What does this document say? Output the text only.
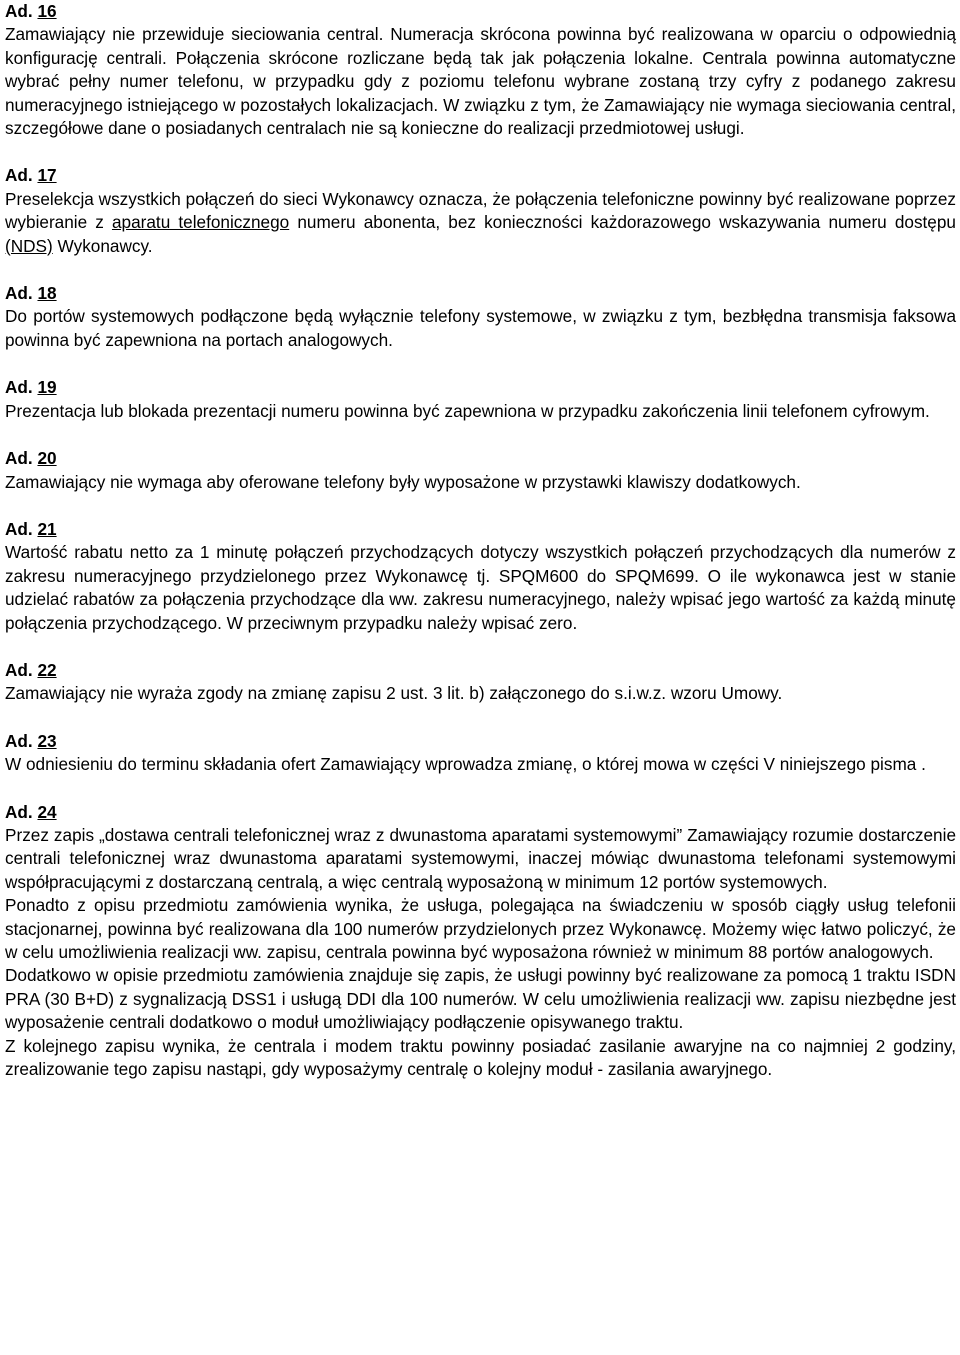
Ad. 16

Zamawiający nie przewiduje sieciowania central. Numeracja skrócona powinna być realizowana w oparciu o odpowiednią konfigurację centrali. Połączenia skrócone rozliczane będą tak jak połączenia lokalne. Centrala powinna automatyczne wybrać pełny numer telefonu, w przypadku gdy z poziomu telefonu wybrane zostaną trzy cyfry z podanego zakresu numeracyjnego istniejącego w pozostałych lokalizacjach. W związku z tym, że Zamawiający nie wymaga sieciowania central, szczegółowe dane o posiadanych centralach nie są konieczne do realizacji przedmiotowej usługi.

Ad. 17

Preselekcja wszystkich połączeń do sieci Wykonawcy oznacza, że połączenia telefoniczne powinny być realizowane poprzez wybieranie z aparatu telefonicznego numeru abonenta, bez konieczności każdorazowego wskazywania numeru dostępu (NDS) Wykonawcy.

Ad. 18

Do portów systemowych podłączone będą wyłącznie telefony systemowe, w związku z tym, bezbłędna transmisja faksowa powinna być zapewniona na portach analogowych.

Ad. 19

Prezentacja lub blokada prezentacji numeru powinna być zapewniona w przypadku zakończenia linii telefonem cyfrowym.

Ad. 20

Zamawiający nie wymaga aby oferowane telefony były wyposażone w przystawki klawiszy dodatkowych.

Ad. 21

Wartość rabatu netto za 1 minutę połączeń przychodzących dotyczy wszystkich połączeń przychodzących dla numerów z zakresu numeracyjnego przydzielonego przez Wykonawcę tj. SPQM600 do SPQM699. O ile wykonawca jest w stanie udzielać rabatów za połączenia przychodzące dla ww. zakresu numeracyjnego, należy wpisać jego wartość za każdą minutę połączenia przychodzącego. W przeciwnym przypadku należy wpisać zero.

Ad. 22

Zamawiający nie wyraża zgody na zmianę zapisu 2 ust. 3 lit. b) załączonego do s.i.w.z. wzoru Umowy.

Ad. 23

W odniesieniu do terminu składania ofert Zamawiający wprowadza zmianę, o której mowa w części V niniejszego pisma .

Ad. 24

Przez zapis „dostawa centrali telefonicznej wraz z dwunastoma aparatami systemowymi” Zamawiający rozumie dostarczenie centrali telefonicznej wraz dwunastoma aparatami systemowymi, inaczej mówiąc dwunastoma telefonami systemowymi współpracującymi z dostarczaną centralą, a więc centralą wyposażoną w minimum 12 portów systemowych.

Ponadto z opisu przedmiotu zamówienia wynika, że usługa, polegająca na świadczeniu w sposób ciągły usług telefonii stacjonarnej, powinna być realizowana dla 100 numerów przydzielonych przez Wykonawcę. Możemy więc łatwo policzyć, że w celu umożliwienia realizacji ww. zapisu, centrala powinna być wyposażona również w minimum 88 portów analogowych.

Dodatkowo w opisie przedmiotu zamówienia znajduje się zapis, że usługi powinny być realizowane za pomocą 1 traktu ISDN PRA (30 B+D) z sygnalizacją DSS1 i usługą DDI dla 100 numerów. W celu umożliwienia realizacji ww. zapisu niezbędne jest wyposażenie centrali dodatkowo o moduł umożliwiający podłączenie opisywanego traktu.

Z kolejnego zapisu wynika, że centrala i modem traktu powinny posiadać zasilanie awaryjne na co najmniej 2 godziny, zrealizowanie tego zapisu nastąpi, gdy wyposażymy centralę o kolejny moduł - zasilania awaryjnego.
